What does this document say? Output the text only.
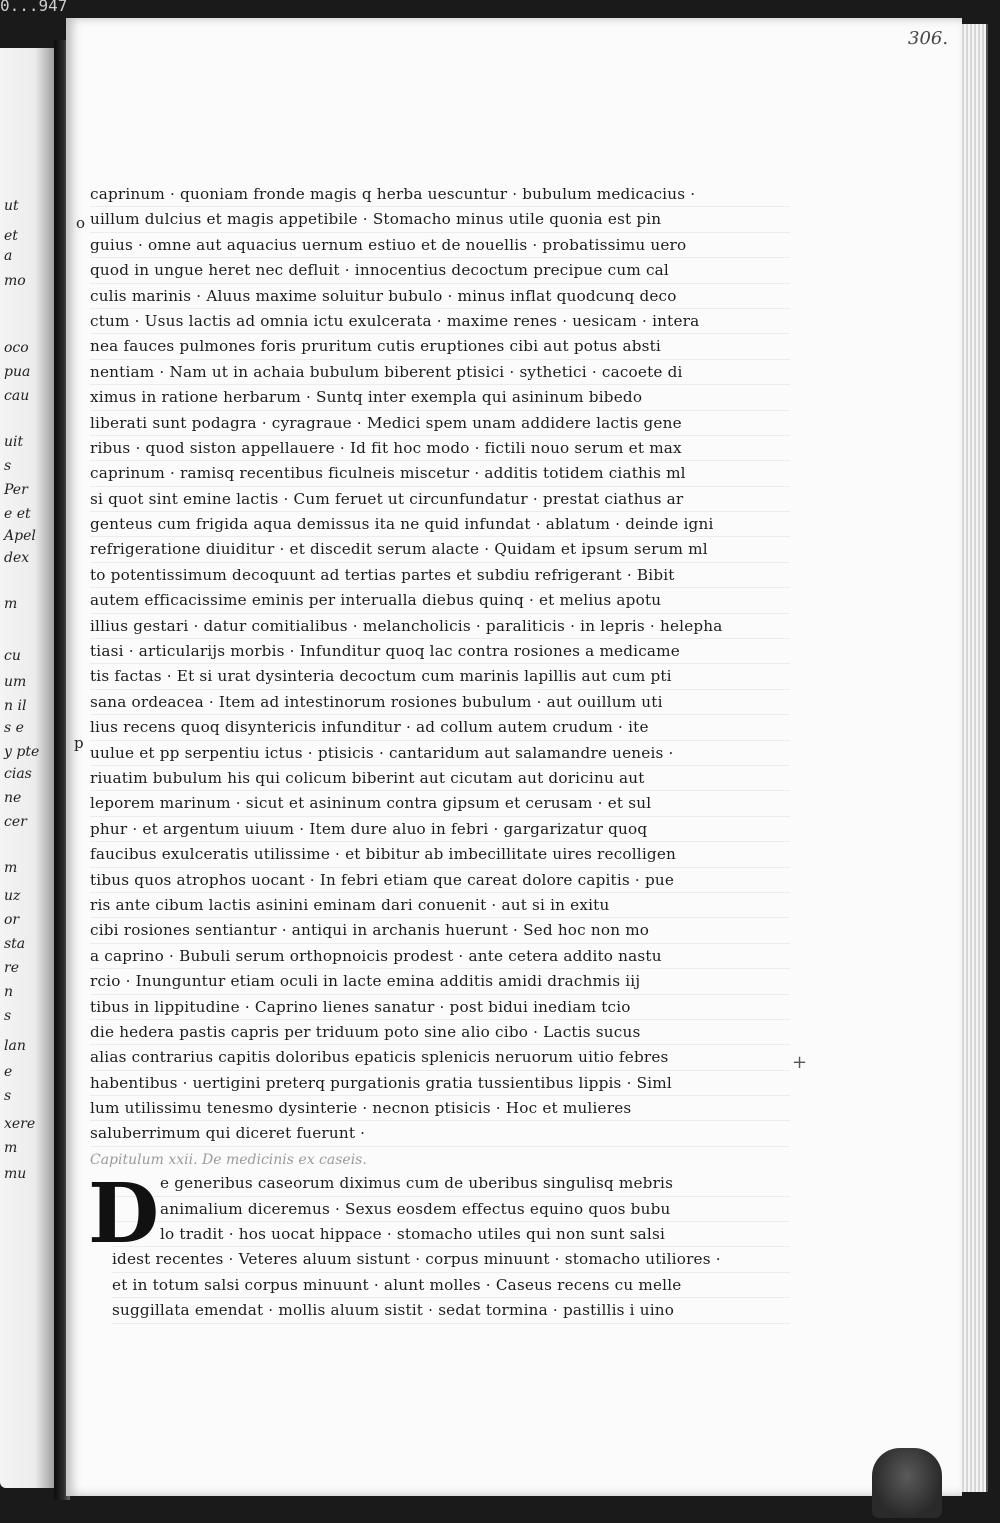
0...947
ut
et
a
mo
oco
pua
cau
uit
s
Per
e et
Apel
dex
m
cu
um
n il
s e
y pte
cias
ne
cer
m
uz
or
sta
re
n
s
lan
e
s
xere
m
mu
306.
o
p
caprinum · quoniam fronde magis q herba uescuntur · bubulum medicacius ·
uillum dulcius et magis appetibile · Stomacho minus utile quonia est pin
guius · omne aut aquacius uernum estiuo et de nouellis · probatissimu uero
quod in ungue heret nec defluit · innocentius decoctum precipue cum cal
culis marinis · Aluus maxime soluitur bubulo · minus inflat quodcunq deco
ctum · Usus lactis ad omnia ictu exulcerata · maxime renes · uesicam · intera
nea fauces pulmones foris pruritum cutis eruptiones cibi aut potus absti
nentiam · Nam ut in achaia bubulum biberent ptisici · sythetici · cacoete di
ximus in ratione herbarum · Suntq inter exempla qui asininum bibedo
liberati sunt podagra · cyragraue · Medici spem unam addidere lactis gene
ribus · quod siston appellauere · Id fit hoc modo · fictili nouo serum et max
caprinum · ramisq recentibus ficulneis miscetur · additis totidem ciathis ml
si quot sint emine lactis · Cum feruet ut circunfundatur · prestat ciathus ar
genteus cum frigida aqua demissus ita ne quid infundat · ablatum · deinde igni
refrigeratione diuiditur · et discedit serum alacte · Quidam et ipsum serum ml
to potentissimum decoquunt ad tertias partes et subdiu refrigerant · Bibit
autem efficacissime eminis per interualla diebus quinq · et melius apotu
illius gestari · datur comitialibus · melancholicis · paraliticis · in lepris · helepha
tiasi · articularijs morbis · Infunditur quoq lac contra rosiones a medicame
tis factas · Et si urat dysinteria decoctum cum marinis lapillis aut cum pti
sana ordeacea · Item ad intestinorum rosiones bubulum · aut ouillum uti
lius recens quoq disyntericis infunditur · ad collum autem crudum · ite
uulue et pp serpentiu ictus · ptisicis · cantaridum aut salamandre ueneis ·
riuatim bubulum his qui colicum biberint aut cicutam aut doricinu aut
leporem marinum · sicut et asininum contra gipsum et cerusam · et sul
phur · et argentum uiuum · Item dure aluo in febri · gargarizatur quoq
faucibus exulceratis utilissime · et bibitur ab imbecillitate uires recolligen
tibus quos atrophos uocant · In febri etiam que careat dolore capitis · pue
ris ante cibum lactis asinini eminam dari conuenit · aut si in exitu
cibi rosiones sentiantur · antiqui in archanis huerunt · Sed hoc non mo
a caprino · Bubuli serum orthopnoicis prodest · ante cetera addito nastu
rcio · Inunguntur etiam oculi in lacte emina additis amidi drachmis iij
tibus in lippitudine · Caprino lienes sanatur · post bidui inediam tcio
die hedera pastis capris per triduum poto sine alio cibo · Lactis sucus
alias contrarius capitis doloribus epaticis splenicis neruorum uitio febres
habentibus · uertigini preterq purgationis gratia tussientibus lippis · Siml
lum utilissimu tenesmo dysinterie · necnon ptisicis · Hoc et mulieres
saluberrimum qui diceret fuerunt ·
Capitulum xxii. De medicinis ex caseis.
D e generibus caseorum diximus cum de uberibus singulisq mebris
animalium diceremus · Sexus eosdem effectus equino quos bubu
lo tradit · hos uocat hippace · stomacho utiles qui non sunt salsi
idest recentes · Veteres aluum sistunt · corpus minuunt · stomacho utiliores ·
et in totum salsi corpus minuunt · alunt molles · Caseus recens cu melle
suggillata emendat · mollis aluum sistit · sedat tormina · pastillis i uino
+
